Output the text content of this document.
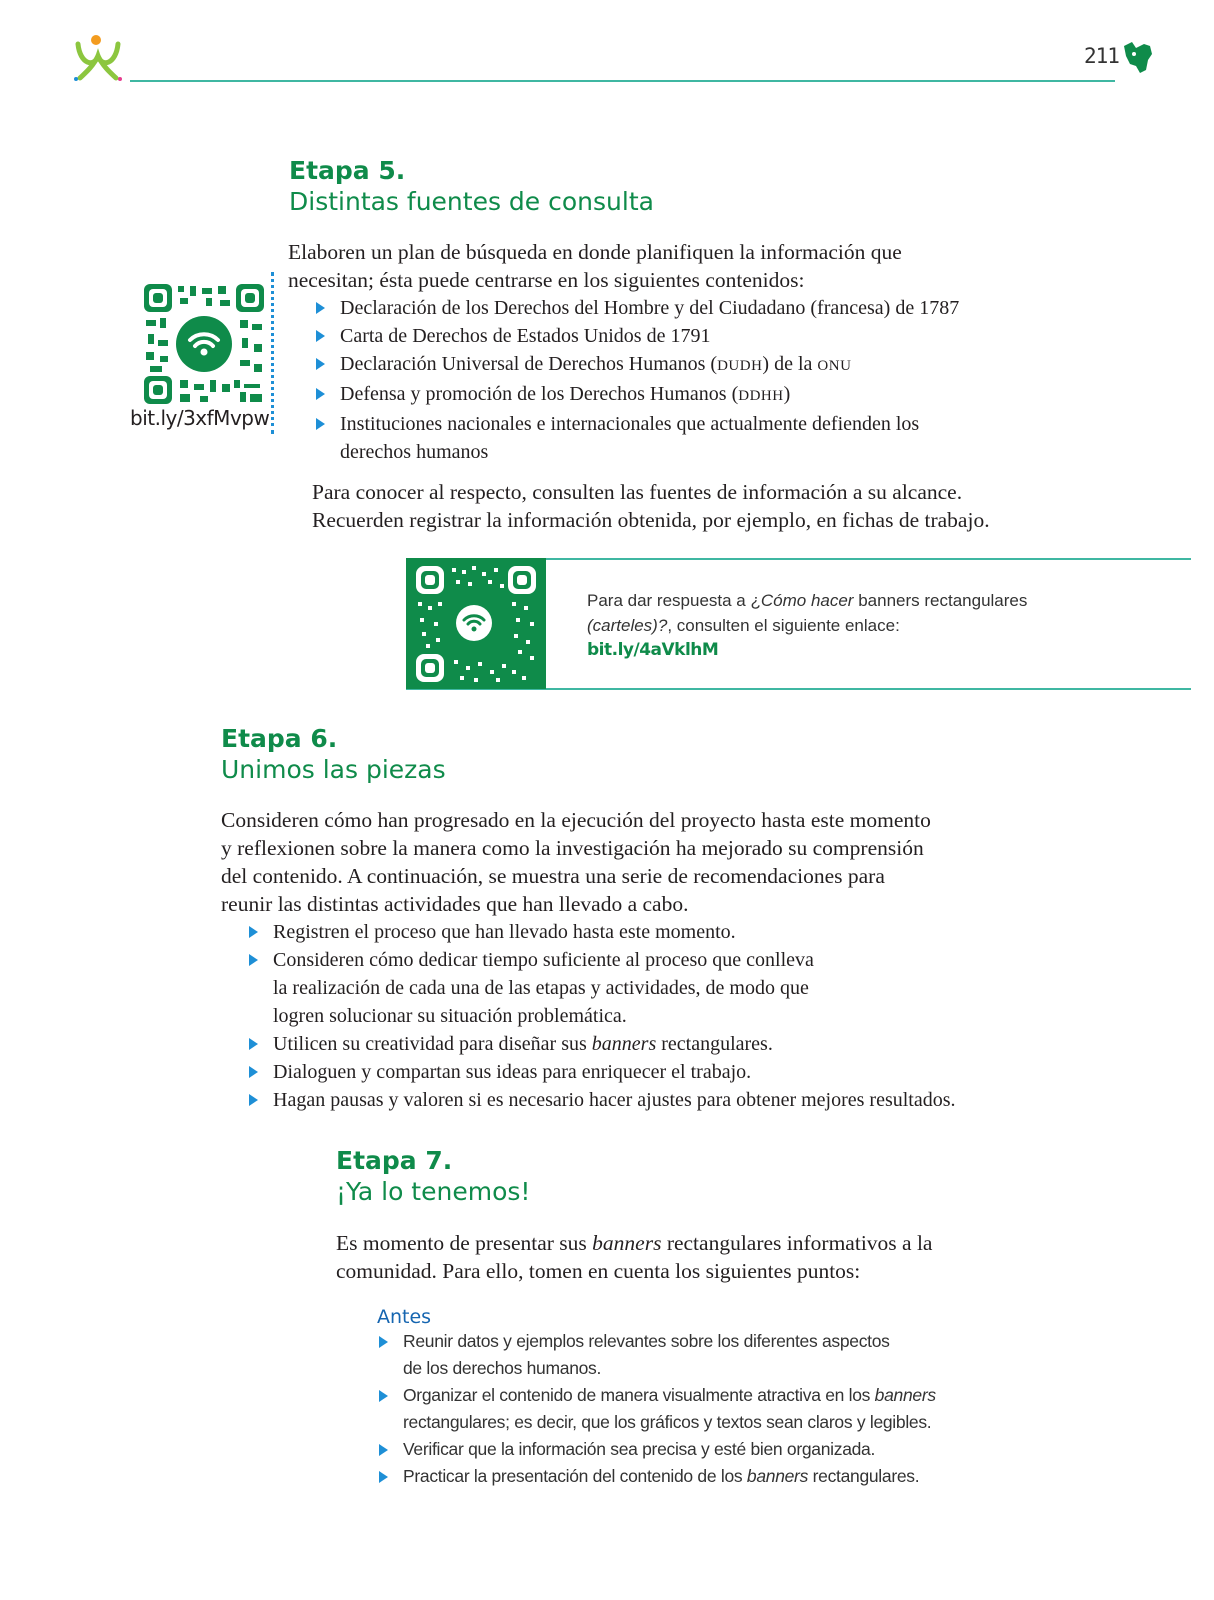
211

Etapa 5.

Distintas fuentes de consulta

bit.ly/3xfMvpw

Elaboren un plan de búsqueda en donde planifiquen la información que necesitan; ésta puede centrarse en los siguientes contenidos:

Declaración de los Derechos del Hombre y del Ciudadano (francesa) de 1787
Carta de Derechos de Estados Unidos de 1791
Declaración Universal de Derechos Humanos (DUDH) de la ONU
Defensa y promoción de los Derechos Humanos (DDHH)
Instituciones nacionales e internacionales que actualmente defienden los derechos humanos

Para conocer al respecto, consulten las fuentes de información a su alcance.

Recuerden registrar la información obtenida, por ejemplo, en fichas de trabajo.

Para dar respuesta a ¿Cómo hacer banners rectangulares
(carteles)?, consulten el siguiente enlace:
bit.ly/4aVklhM

Etapa 6.

Unimos las piezas

Consideren cómo han progresado en la ejecución del proyecto hasta este momento y reflexionen sobre la manera como la investigación ha mejorado su comprensión del contenido. A continuación, se muestra una serie de recomendaciones para reunir las distintas actividades que han llevado a cabo.

Registren el proceso que han llevado hasta este momento.
Consideren cómo dedicar tiempo suficiente al proceso que conlleva la realización de cada una de las etapas y actividades, de modo que logren solucionar su situación problemática.
Utilicen su creatividad para diseñar sus banners rectangulares.
Dialoguen y compartan sus ideas para enriquecer el trabajo.
Hagan pausas y valoren si es necesario hacer ajustes para obtener mejores resultados.

Etapa 7.

¡Ya lo tenemos!

Es momento de presentar sus banners rectangulares informativos a la comunidad. Para ello, tomen en cuenta los siguientes puntos:

Antes

Reunir datos y ejemplos relevantes sobre los diferentes aspectos de los derechos humanos.
Organizar el contenido de manera visualmente atractiva en los banners rectangulares; es decir, que los gráficos y textos sean claros y legibles.
Verificar que la información sea precisa y esté bien organizada.
Practicar la presentación del contenido de los banners rectangulares.
